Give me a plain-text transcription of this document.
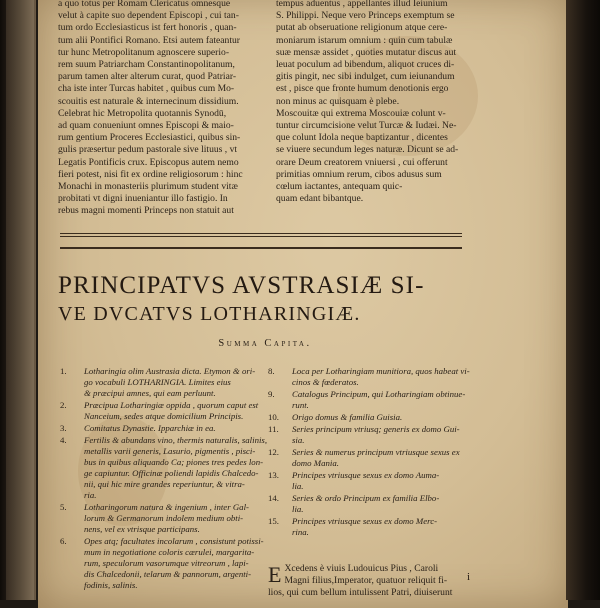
a quo totus per Romam Clericatus omnesque
velut à capite suo dependent Episcopi , cui tan-
tum ordo Ecclesiasticus ist fert honoris , quan-
tum alii Pontifici Romano. Etsi autem fateantur
tur hunc Metropolitanum agnoscere superio-
rem suum Patriarcham Constantinopolitanum,
parum tamen alter alterum curat, quod Patriar-
cha iste inter Turcas habitet , quibus cum Mo-
scouitis est naturale & internecinum dissidium.
Celebrat hic Metropolita quotannis Synodū,
ad quam conueniunt omnes Episcopi & maio-
rum gentium Proceres Ecclesiastici, quibus sin-
gulis præsertur pedum pastorale sive lituus , vt
Legatis Pontificis crux. Episcopus autem nemo
fieri potest, nisi fit ex ordine religiosorum : hinc
Monachi in monasteriis plurimum student vitæ
probitati vt digni inueniantur illo fastigio. In
rebus magni momenti Princeps non statuit aut
tempus aduentus , appellantes illud Ieiunium
S. Philippi. Neque vero Princeps exemptum se
putat ab obseruatione religionum atque cere-
moniarum istarum omnium : quin cum tabulæ
suæ mensæ assidet , quoties mutatur discus aut
leuat poculum ad bibendum, aliquot cruces di-
gitis pingit, nec sibi indulget, cum ieiunandum
est , pisce que fronte humum denotionis ergo
non minus ac quisquam è plebe.
Moscouitæ qui extrema Moscouiæ colunt v-
tuntur circumcisione velut Turcæ & Iudæi. Ne-
que colunt Idola neque baptizantur , dicentes
se viuere secundum leges naturæ. Dicunt se ad-
orare Deum creatorem vniuersi , cui offerunt
primitias omnium rerum, cibos adusus sum
cœlum iactantes, antequam quic-
quam edant bibantque.
PRINCIPATVS AVSTRASIÆ SI-
VE DVCATVS LOTHARINGIÆ.
Summa Capita.
1.	Lotharingia olim Austrasia dicta. Etymon & ori-
go vocabuli LOTHARINGIA. Limites eius
& præcipui amnes, qui eam perluunt.
2.	Præcipua Lotharingiæ oppida , quorum caput est
Nanceium, sedes atque domicilium Principis.
3.	Comitatus Dynastie. Ipparchiæ in ea.
4.	Fertilis & abundans vino, thermis naturalis, salinis,
metallis varii generis, Lasurio, pigmentis , pisci-
bus in quibus aliquando Ca; piones tres pedes lon-
ge capiuntur. Officinæ poliendi lapidis Chalcedo-
nii, qui hic mire grandes reperiuntur, & vitra-
ria.
5.	Lotharingorum natura & ingenium , inter Gal-
lorum & Germanorum indolem medium obti-
nens, vel ex vtrisque participans.
6.	Opes atq; facultates incolarum , consistunt potissi-
mum in negotiatione coloris cærulei, margarita-
rum, speculorum vasorumque vitreorum , lapi-
dis Chalcedonii, telarum & pannorum, argenti-
fodinis, salinis.
8.	Loca per Lotharingiam munitiora, quos habeat vi-
cinos & fœderatos.
9.	Catalogus Principum, qui Lotharingiam obtinue-
runt.
10.	Origo domus & familia Guisia.
11.	Series principum vtriusq; generis ex domo Gui-
sia.
12.	Series & numerus principum vtriusque sexus ex
domo Mania.
13.	Principes vtriusque sexus ex domo Auma-
lia.
14.	Series & ordo Principum ex familia Elbo-
lia.
15.	Principes vtriusque sexus ex domo Merc-
rina.
E Xcedens è viuis Ludouicus Pius , Caroli
Magni filius,Imperator, quatuor reliquit fi-
lios, qui cum bellum intulissent Patri, diuiserunt
i
